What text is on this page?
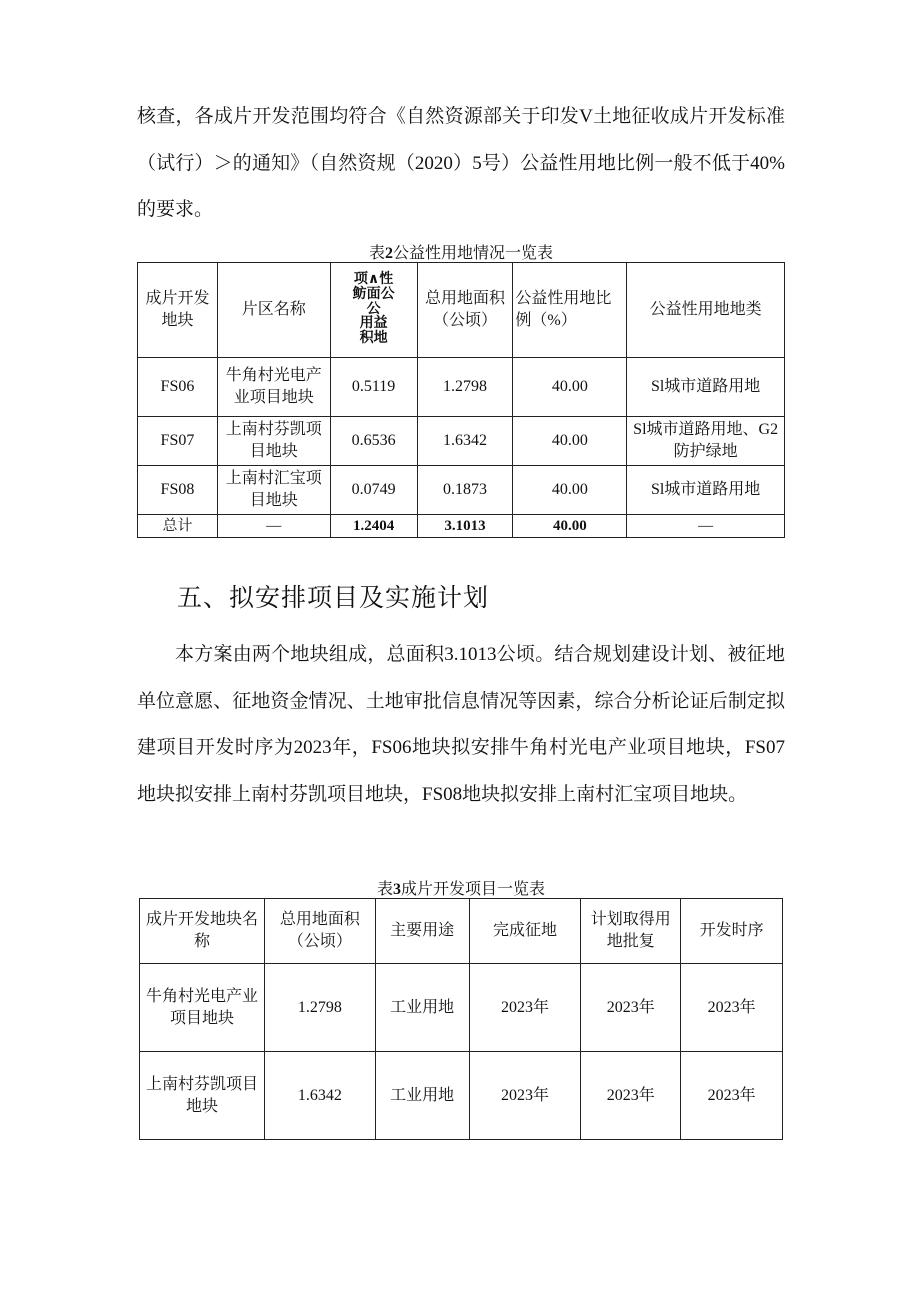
核查，各成片开发范围均符合《自然资源部关于印发V土地征收成片开发标准（试行）＞的通知》（自然资规（2020）5号）公益性用地比例一般不低于40%的要求。

表2公益性用地情况一览表

成片开发地块	片区名称	项∧性
鲂面公
公
用益
积地	总用地面积（公顷）	公益性用地比例（%）	公益性用地地类
FS06	牛角村光电产业项目地块	0.5119	1.2798	40.00	Sl城市道路用地
FS07	上南村芬凯项目地块	0.6536	1.6342	40.00	Sl城市道路用地、G2防护绿地
FS08	上南村汇宝项目地块	0.0749	0.1873	40.00	Sl城市道路用地
总计	—	1.2404	3.1013	40.00	—
五、拟安排项目及实施计划

本方案由两个地块组成，总面积3.1013公顷。结合规划建设计划、被征地单位意愿、征地资金情况、土地审批信息情况等因素，综合分析论证后制定拟建项目开发时序为2023年，FS06地块拟安排牛角村光电产业项目地块，FS07地块拟安排上南村芬凯项目地块，FS08地块拟安排上南村汇宝项目地块。

表3成片开发项目一览表

成片开发地块名称	总用地面积（公顷）	主要用途	完成征地	计划取得用地批复	开发时序
牛角村光电产业项目地块	1.2798	工业用地	2023年	2023年	2023年
上南村芬凯项目地块	1.6342	工业用地	2023年	2023年	2023年
